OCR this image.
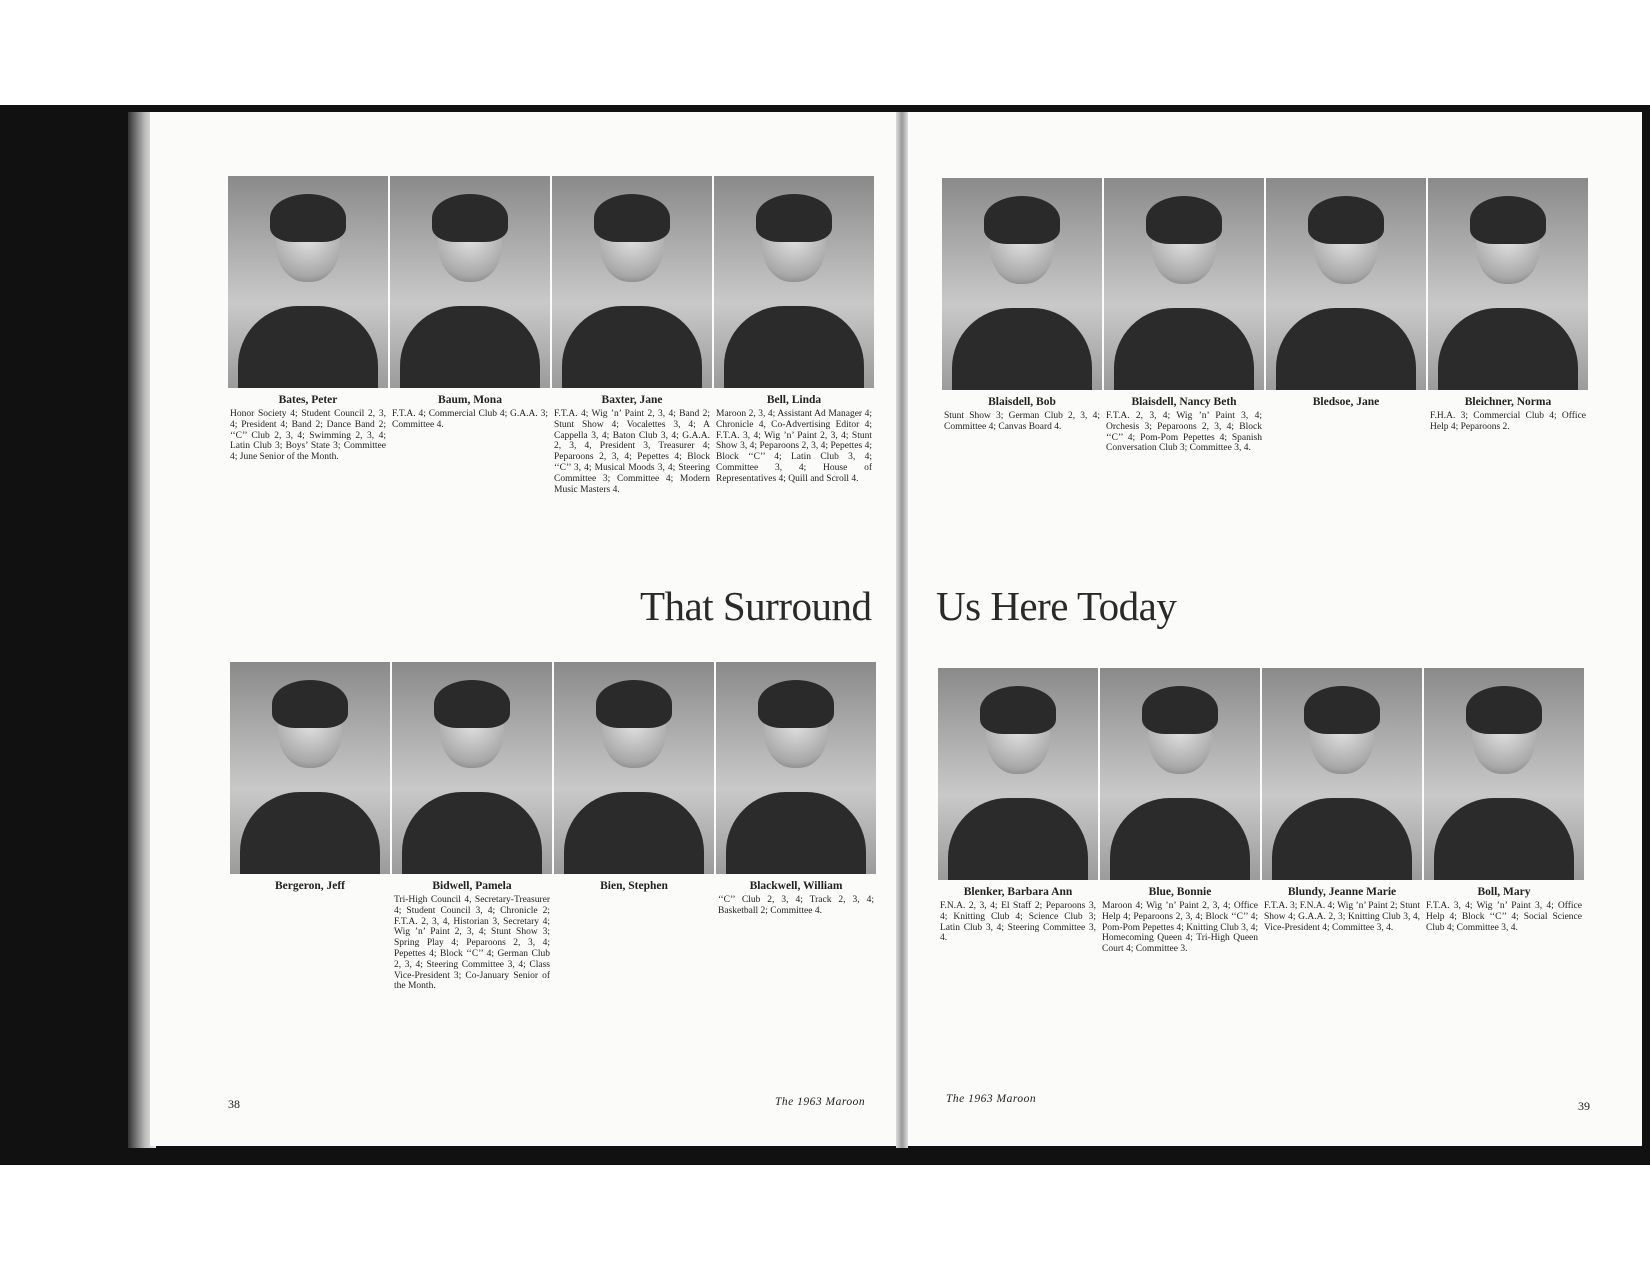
Bates, Peter
Honor Society 4; Student Council 2, 3, 4; President 4; Band 2; Dance Band 2; ‘‘C’’ Club 2, 3, 4; Swimming 2, 3, 4; Latin Club 3; Boys’ State 3; Committee 4; June Senior of the Month.
Baum, Mona
F.T.A. 4; Commercial Club 4; G.A.A. 3; Committee 4.
Baxter, Jane
F.T.A. 4; Wig ’n’ Paint 2, 3, 4; Band 2; Stunt Show 4; Vocalettes 3, 4; A Cappella 3, 4; Baton Club 3, 4; G.A.A. 2, 3, 4, President 3, Treasurer 4; Peparoons 2, 3, 4; Pepettes 4; Block ‘‘C’’ 3, 4; Musical Moods 3, 4; Steering Committee 3; Committee 4; Modern Music Masters 4.
Bell, Linda
Maroon 2, 3, 4; Assistant Ad Manager 4; Chronicle 4, Co-Advertising Editor 4; F.T.A. 3, 4; Wig ’n’ Paint 2, 3, 4; Stunt Show 3, 4; Peparoons 2, 3, 4; Pepettes 4; Block ‘‘C’’ 4; Latin Club 3, 4; Committee 3, 4; House of Representatives 4; Quill and Scroll 4.
Blaisdell, Bob
Stunt Show 3; German Club 2, 3, 4; Committee 4; Canvas Board 4.
Blaisdell, Nancy Beth
F.T.A. 2, 3, 4; Wig ’n’ Paint 3, 4; Orchesis 3; Peparoons 2, 3, 4; Block ‘‘C’’ 4; Pom-Pom Pepettes 4; Spanish Conversation Club 3; Committee 3, 4.
Bledsoe, Jane	Bleichner, Norma
F.H.A. 3; Commercial Club 4; Office Help 4; Peparoons 2.
That Surround Us Here Today
Bergeron, Jeff	Bidwell, Pamela
Tri-High Council 4, Secretary-Treasurer 4; Student Council 3, 4; Chronicle 2; F.T.A. 2, 3, 4, Historian 3, Secretary 4; Wig ’n’ Paint 2, 3, 4; Stunt Show 3; Spring Play 4; Peparoons 2, 3, 4; Pepettes 4; Block ‘‘C’’ 4; German Club 2, 3, 4; Steering Committee 3, 4; Class Vice-President 3; Co-January Senior of the Month.
Bien, Stephen	Blackwell, William
‘‘C’’ Club 2, 3, 4; Track 2, 3, 4; Basketball 2; Committee 4.
Blenker, Barbara Ann
F.N.A. 2, 3, 4; El Staff 2; Peparoons 3, 4; Knitting Club 4; Science Club 3; Latin Club 3, 4; Steering Committee 3, 4.
Blue, Bonnie
Maroon 4; Wig ’n’ Paint 2, 3, 4; Office Help 4; Peparoons 2, 3, 4; Block ‘‘C’’ 4; Pom-Pom Pepettes 4; Knitting Club 3, 4; Homecoming Queen 4; Tri-High Queen Court 4; Committee 3.
Blundy, Jeanne Marie
F.T.A. 3; F.N.A. 4; Wig ’n’ Paint 2; Stunt Show 4; G.A.A. 2, 3; Knitting Club 3, 4, Vice-President 4; Committee 3, 4.
Boll, Mary
F.T.A. 3, 4; Wig ’n’ Paint 3, 4; Office Help 4; Block ‘‘C’’ 4; Social Science Club 4; Committee 3, 4.
38	The 1963 Maroon	The 1963 Maroon	39
